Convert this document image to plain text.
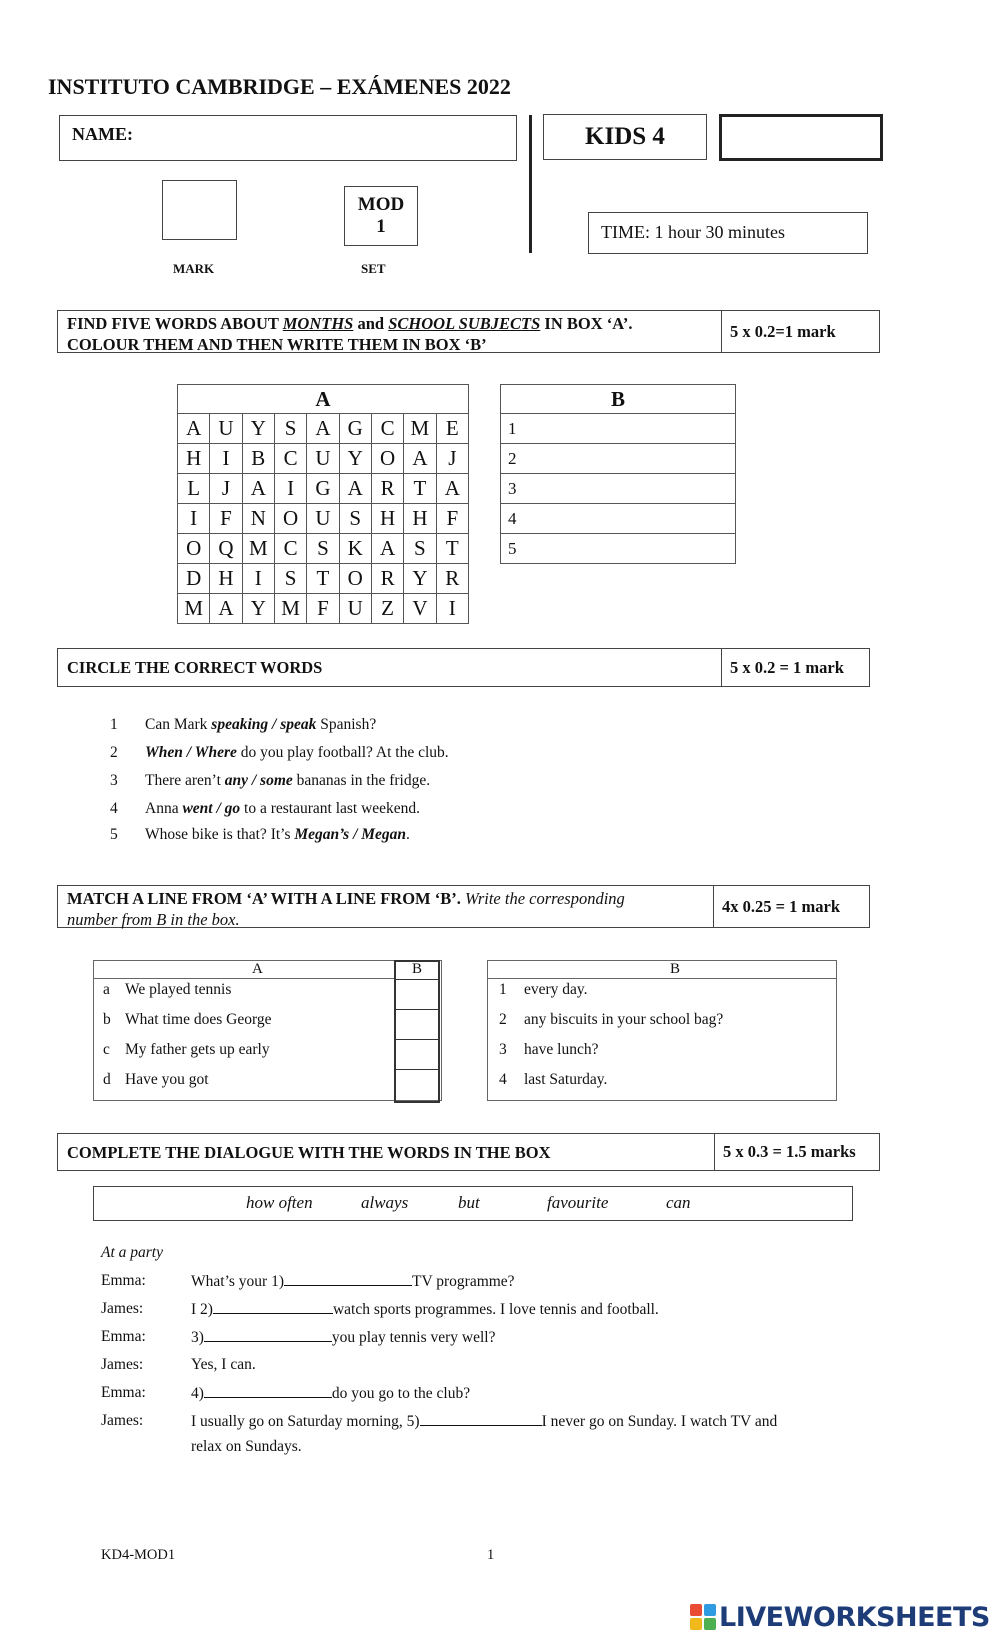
INSTITUTO CAMBRIDGE – EXÁMENES 2022
NAME:	KIDS 4
MOD
1	TIME: 1 hour 30 minutes
MARK	SET
FIND FIVE WORDS ABOUT MONTHS and SCHOOL SUBJECTS IN BOX ‘A’.
COLOUR THEM AND THEN WRITE THEM IN BOX ‘B’
5 x 0.2=1 mark
A								
A	U	Y	S	A	G	C	M	E
H	I	B	C	U	Y	O	A	J
L	J	A	I	G	A	R	T	A
I	F	N	O	U	S	H	H	F
O	Q	M	C	S	K	A	S	T
D	H	I	S	T	O	R	Y	R
M	A	Y	M	F	U	Z	V	I
B
1
2
3
4
5
CIRCLE THE CORRECT WORDS	5 x 0.2 = 1 mark
1 Can Mark speaking / speak Spanish?
2 When / Where do you play football? At the club.
3 There aren’t any / some bananas in the fridge.
4 Anna went / go to a restaurant last weekend.
5 Whose bike is that? It’s Megan’s / Megan.
MATCH A LINE FROM ‘A’ WITH A LINE FROM ‘B’. Write the corresponding
number from B in the box.
4x 0.25 = 1 mark
A	B
a We played tennis
b What time does George
c My father gets up early
d Have you got
B
1 every day.
2 any biscuits in your school bag?
3 have lunch?
4 last Saturday.
COMPLETE THE DIALOGUE WITH THE WORDS IN THE BOX	5 x 0.3 = 1.5 marks
how often	always	but	favourite	can
At a party
Emma:	What’s your 1)	TV programme?
James:	I 2)	watch sports programmes. I love tennis and football.
Emma:	3)	you play tennis very well?
James:	Yes, I can.
Emma:	4)	do you go to the club?
James:	I usually go on Saturday morning, 5)	I never go on Sunday. I watch TV and
relax on Sundays.
KD4-MOD1	1
LIVEWORKSHEETS
